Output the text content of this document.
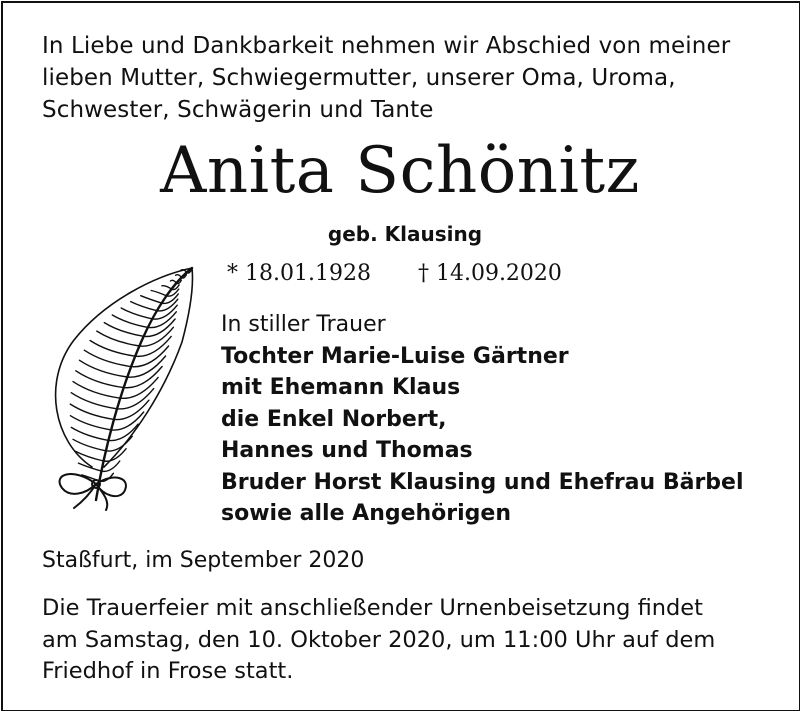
In Liebe und Dankbarkeit nehmen wir Abschied von meiner
lieben Mutter, Schwiegermutter, unserer Oma, Uroma,
Schwester, Schwägerin und Tante
Anita Schönitz
geb. Klausing
* 18.01.1928 † 14.09.2020
In stiller Trauer
Tochter Marie-Luise Gärtner
mit Ehemann Klaus
die Enkel Norbert,
Hannes und Thomas
Bruder Horst Klausing und Ehefrau Bärbel
sowie alle Angehörigen
Staßfurt, im September 2020
Die Trauerfeier mit anschließender Urnenbeisetzung findet
am Samstag, den 10. Oktober 2020, um 11:00 Uhr auf dem
Friedhof in Frose statt.
